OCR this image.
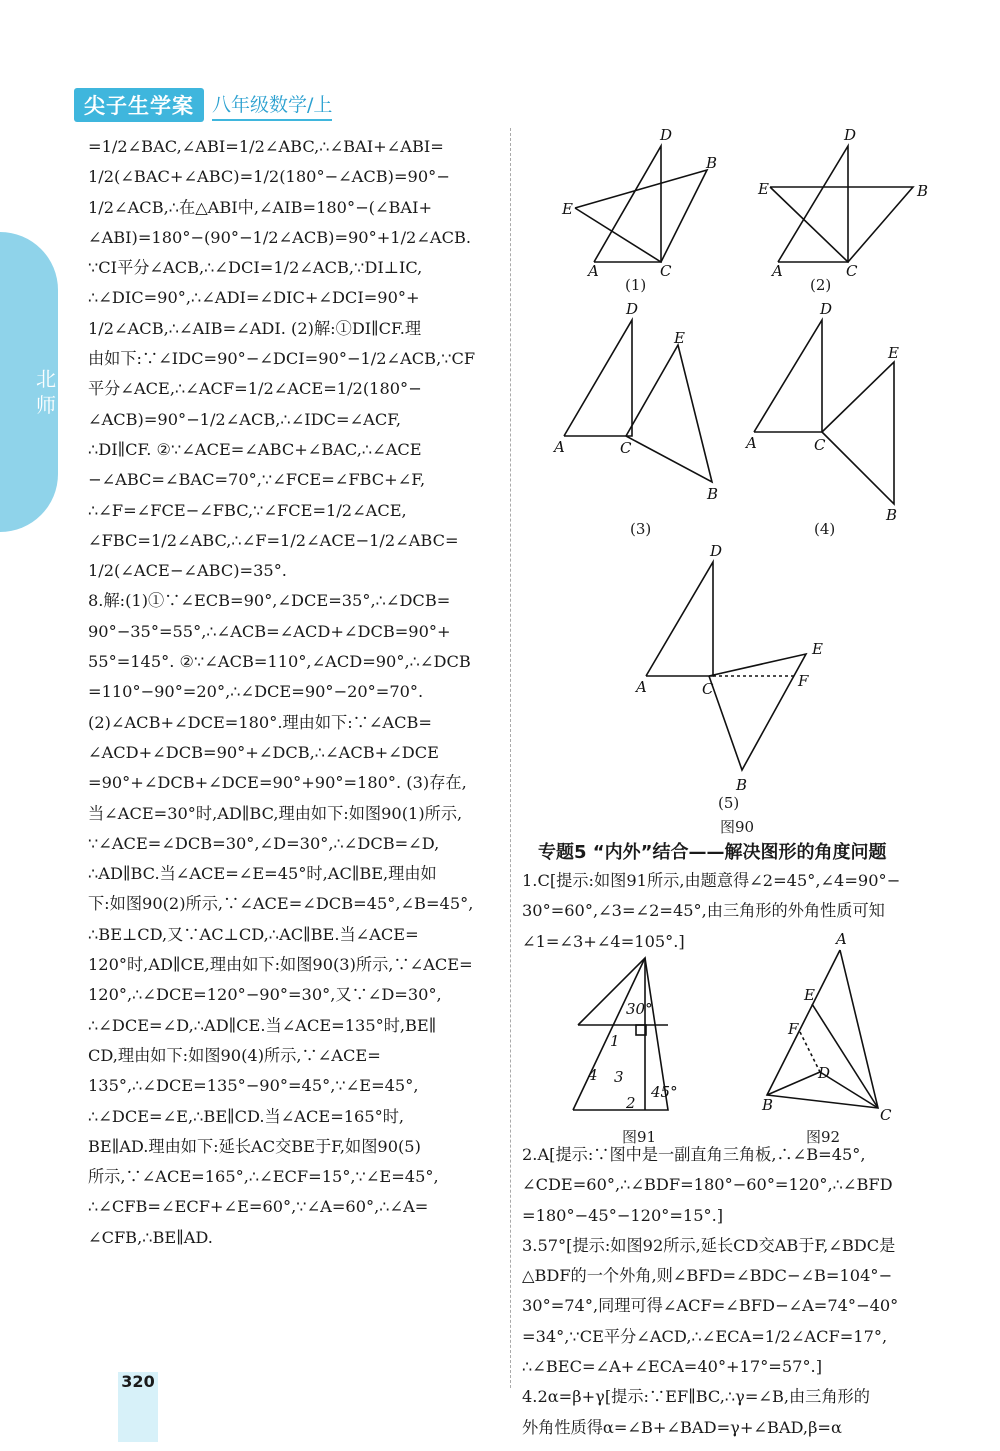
尖子生学案 八年级数学/上
北师
=1/2∠BAC,∠ABI=1/2∠ABC,∴∠BAI+∠ABI=
1/2(∠BAC+∠ABC)=1/2(180°−∠ACB)=90°−
1/2∠ACB,∴在△ABI中,∠AIB=180°−(∠BAI+
∠ABI)=180°−(90°−1/2∠ACB)=90°+1/2∠ACB.
∵CI平分∠ACB,∴∠DCI=1/2∠ACB,∵DI⊥IC,
∴∠DIC=90°,∴∠ADI=∠DIC+∠DCI=90°+
1/2∠ACB,∴∠AIB=∠ADI. (2)解:①DI∥CF.理
由如下:∵∠IDC=90°−∠DCI=90°−1/2∠ACB,∵CF
平分∠ACE,∴∠ACF=1/2∠ACE=1/2(180°−
∠ACB)=90°−1/2∠ACB,∴∠IDC=∠ACF,
∴DI∥CF. ②∵∠ACE=∠ABC+∠BAC,∴∠ACE
−∠ABC=∠BAC=70°,∵∠FCE=∠FBC+∠F,
∴∠F=∠FCE−∠FBC,∵∠FCE=1/2∠ACE,
∠FBC=1/2∠ABC,∴∠F=1/2∠ACE−1/2∠ABC=
1/2(∠ACE−∠ABC)=35°.
8.解:(1)①∵∠ECB=90°,∠DCE=35°,∴∠DCB=
90°−35°=55°,∴∠ACB=∠ACD+∠DCB=90°+
55°=145°. ②∵∠ACB=110°,∠ACD=90°,∴∠DCB
=110°−90°=20°,∴∠DCE=90°−20°=70°.
(2)∠ACB+∠DCE=180°.理由如下:∵∠ACB=
∠ACD+∠DCB=90°+∠DCB,∴∠ACB+∠DCE
=90°+∠DCB+∠DCE=90°+90°=180°. (3)存在,
当∠ACE=30°时,AD∥BC,理由如下:如图90(1)所示,
∵∠ACE=∠DCB=30°,∠D=30°,∴∠DCB=∠D,
∴AD∥BC.当∠ACE=∠E=45°时,AC∥BE,理由如
下:如图90(2)所示,∵∠ACE=∠DCB=45°,∠B=45°,
∴BE⊥CD,又∵AC⊥CD,∴AC∥BE.当∠ACE=
120°时,AD∥CE,理由如下:如图90(3)所示,∵∠ACE=
120°,∴∠DCE=120°−90°=30°,又∵∠D=30°,
∴∠DCE=∠D,∴AD∥CE.当∠ACE=135°时,BE∥
CD,理由如下:如图90(4)所示,∵∠ACE=
135°,∴∠DCE=135°−90°=45°,∵∠E=45°,
∴∠DCE=∠E,∴BE∥CD.当∠ACE=165°时,
BE∥AD.理由如下:延长AC交BE于F,如图90(5)
所示,∵∠ACE=165°,∴∠ECF=15°,∵∠E=45°,
∴∠CFB=∠ECF+∠E=60°,∵∠A=60°,∴∠A=
∠CFB,∴BE∥AD.
专题5 “内外”结合——解决图形的角度问题
1.C[提示:如图91所示,由题意得∠2=45°,∠4=90°−
30°=60°,∠3=∠2=45°,由三角形的外角性质可知
∠1=∠3+∠4=105°.]
2.A[提示:∵图中是一副直角三角板,∴∠B=45°,
∠CDE=60°,∴∠BDF=180°−60°=120°,∴∠BFD
=180°−45°−120°=15°.]
3.57°[提示:如图92所示,延长CD交AB于F,∠BDC是
△BDF的一个外角,则∠BFD=∠BDC−∠B=104°−
30°=74°,同理可得∠ACF=∠BFD−∠A=74°−40°
=34°,∵CE平分∠ACD,∴∠ECA=1/2∠ACF=17°,
∴∠BEC=∠A+∠ECA=40°+17°=57°.]
4.2α=β+γ[提示:∵EF∥BC,∴γ=∠B,由三角形的
外角性质得α=∠B+∠BAD=γ+∠BAD,β=α
D
B
E
A	C
D
B
E
A	C
D
E
A	C
B
D
E
A	C
B
D
E
A	C	F
B
30°
1
4 3
45°
2
A
E
F
D
B
C
(1)	(2)
(3)	(4)
(5)
图90
图91	图92
320
